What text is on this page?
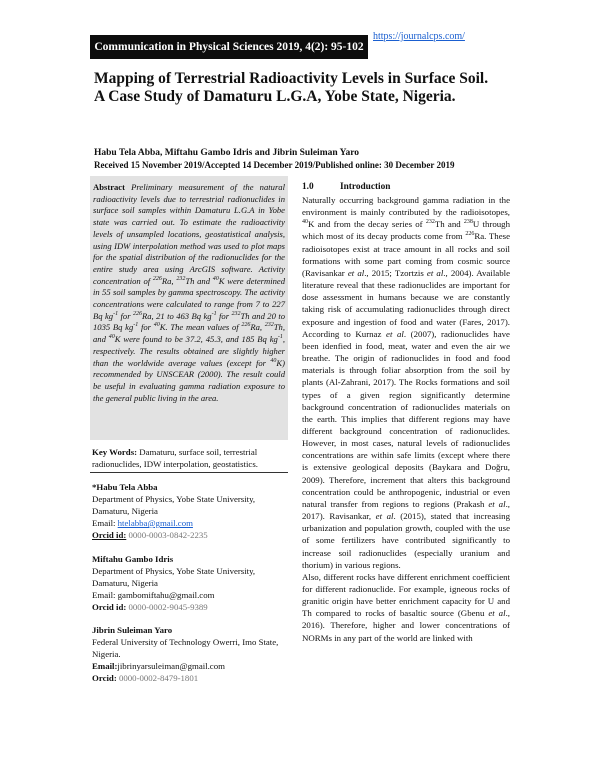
Communication in Physical Sciences 2019, 4(2): 95-102
https://journalcps.com/
Mapping of Terrestrial Radioactivity Levels in Surface Soil.
A Case Study of Damaturu L.G.A, Yobe State, Nigeria.
Habu Tela Abba, Miftahu Gambo Idris and Jibrin Suleiman Yaro
Received 15 November 2019/Accepted 14 December 2019/Published online: 30 December 2019
Abstract Preliminary measurement of the natural radioactivity levels due to terrestrial radionuclides in surface soil samples within Damaturu L.G.A in Yobe state was carried out. To estimate the radioactivity levels of unsampled locations, geostatistical analysis, using IDW interpolation method was used to plot maps for the spatial distribution of the radionuclides for the entire study area using ArcGIS software. Activity concentration of $^{226}$Ra, $^{232}$Th and $^{40}$K were determined in 55 soil samples by gamma spectroscopy. The activity concentrations were calculated to range from 7 to 227 Bq $kg^{-1}$ for $^{226}$Ra, 21 to 463 Bq $kg^{-1}$ for $^{232}$Th and 20 to 1035 Bq $kg^{-1}$ for $^{40}$K. The mean values of $^{226}$Ra, $^{232}$Th, and $^{40}$K were found to be 37.2, 45.3, and 185 Bq $kg^{-1}$, respectively. The results obtained are slightly higher than the worldwide average values (except for $^{40}$K) recommended by UNSCEAR (2000). The result could be useful in evaluating gamma radiation exposure to the general public living in the area.
Key Words: Damaturu, surface soil, terrestrial radionuclides, IDW interpolation, geostatistics.
*Habu Tela Abba
Department of Physics, Yobe State University, Damaturu, Nigeria
Email: htelabba@gmail.com
Orcid id: 0000-0003-0842-2235
Miftahu Gambo Idris
Department of Physics, Yobe State University, Damaturu, Nigeria
Email: gambomiftahu@gmail.com
Orcid id: 0000-0002-9045-9389
Jibrin Suleiman Yaro
Federal University of Technology Owerri, Imo State, Nigeria.
Email:jibrinyarsuleiman@gmail.com
Orcid: 0000-0002-8479-1801
1.0	Introduction

Naturally occurring background gamma radiation in the environment is mainly contributed by the radioisotopes, $^{40}$K and from the decay series of $^{232}$Th and $^{238}$U through which most of its decay products come from $^{226}$Ra. These radioisotopes exist at trace amount in all rocks and soil formations with some part coming from cosmic source (Ravisankar et al., 2015; Tzortzis et al., 2004). Available literature reveal that these radionuclides are important for dose assessment in humans because we are constantly taking risk of accumulating radionuclides through direct exposure and ingestion of food and water (Fares, 2017). According to Kurnaz et al. (2007), radionuclides have been idenfied in food, meat, water and even the air we breathe. The origin of radionuclides in food and food materials is through foliar absorption from the soil by plants (Al-Zahrani, 2017). The Rocks formations and soil types of a given region significantly determine background concentration of radionuclides materials on the earth. This implies that different regions may have different background concentration of radionuclides. However, in most cases, natural levels of radionuclides concentrations are within safe limits (except where there is extensive geological deposits (Baykara and Doğru, 2009). Therefore, increment that alters this background concentration could be anthropogenic, industrial or even natural transfer from regions to regions (Prakash et al., 2017). Ravisankar, et al. (2015), stated that increasing urbanization and population growth, coupled with the use of some fertilizers have contributed significantly to increase soil radionuclides (especially uranium and thorium) in various regions.

Also, different rocks have different enrichment coefficient for different radionuclide. For example, igneous rocks of granitic origin have better enrichment capacity for U and Th compared to rocks of basaltic source (Gbenu et al., 2016). Therefore, higher and lower concentrations of NORMs in any part of the world are linked with
